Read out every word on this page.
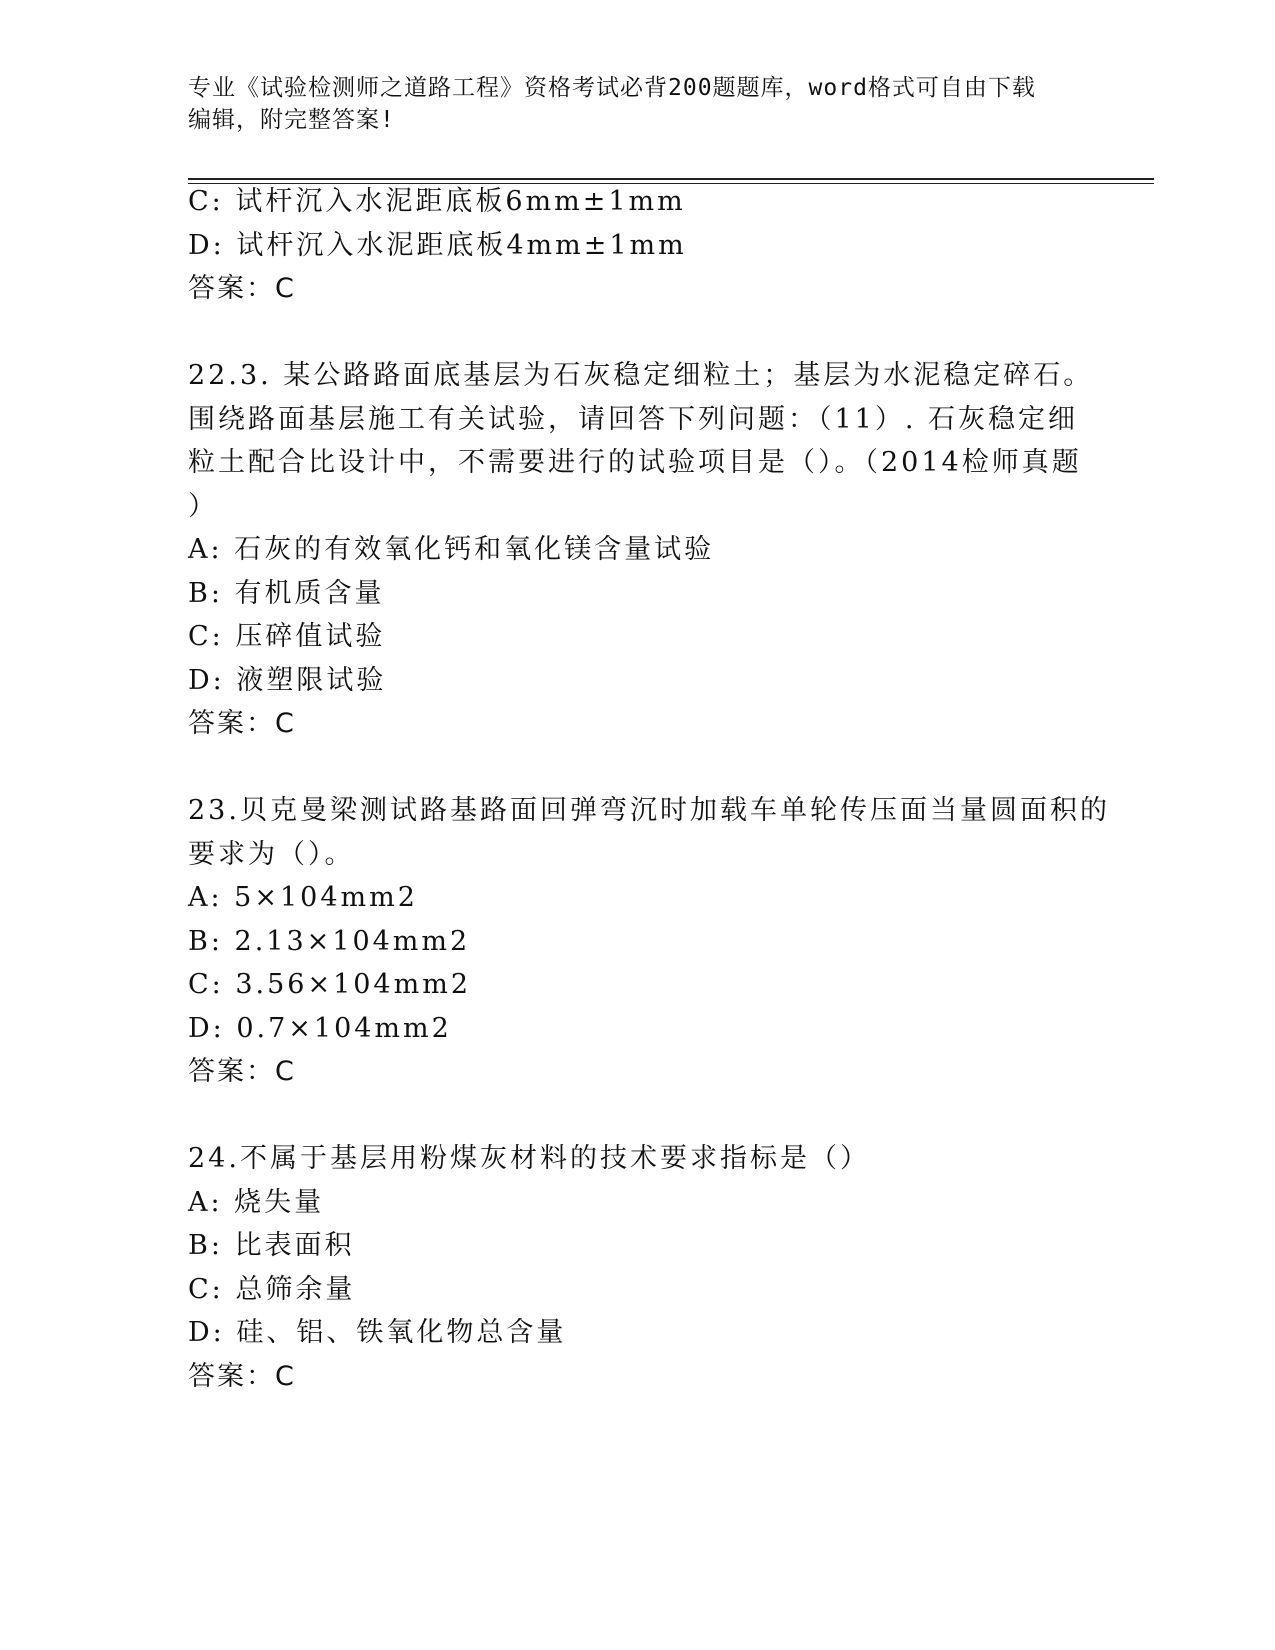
专业《试验检测师之道路工程》资格考试必背200题题库，word格式可自由下载
编辑，附完整答案!
C: 试杆沉入水泥距底板6mm±1mm
D: 试杆沉入水泥距底板4mm±1mm
答案：C
22.3. 某公路路面底基层为石灰稳定细粒土；基层为水泥稳定碎石。
围绕路面基层施工有关试验，请回答下列问题：（11）. 石灰稳定细
粒土配合比设计中，不需要进行的试验项目是（）。（2014检师真题
）
A: 石灰的有效氧化钙和氧化镁含量试验
B: 有机质含量
C: 压碎值试验
D: 液塑限试验
答案：C
23.贝克曼梁测试路基路面回弹弯沉时加载车单轮传压面当量圆面积的
要求为（）。
A: 5×104mm2
B: 2.13×104mm2
C: 3.56×104mm2
D: 0.7×104mm2
答案：C
24.不属于基层用粉煤灰材料的技术要求指标是（）
A: 烧失量
B: 比表面积
C: 总筛余量
D: 硅、铝、铁氧化物总含量
答案：C
